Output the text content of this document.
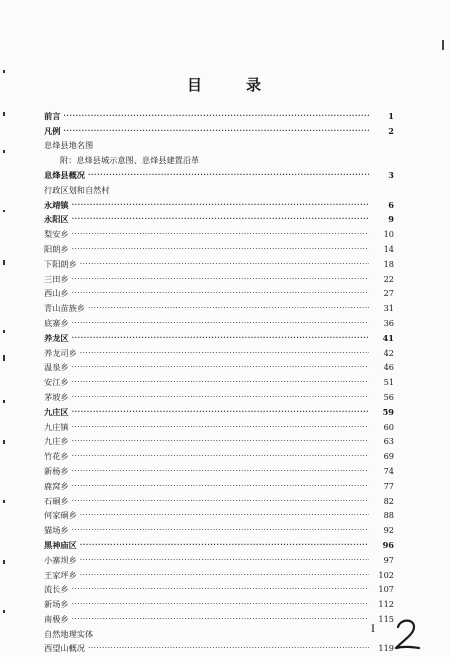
目	录
前言 ·····	1
凡例 ·····	2
息烽县地名图
附：息烽县城示意图、息烽县建置沿革
息烽县概况 ·····	3
行政区划和自然村
永靖镇 ·····	6
永阳区 ·····	9
梨安乡 ·····	10
阳朗乡 ·····	14
下阳朗乡 ·····	18
三田乡 ·····	22
西山乡 ·····	27
青山苗族乡 ·····	31
底寨乡 ·····	36
养龙区 ·····	41
养龙司乡 ·····	42
温泉乡 ·····	46
安江乡 ·····	51
茅坡乡 ·····	56
九庄区 ·····	59
九庄镇 ·····	60
九庄乡 ·····	63
竹花乡 ·····	69
新杨乡 ·····	74
鹿窝乡 ·····	77
石硐乡 ·····	82
何家硐乡 ·····	88
猫场乡 ·····	92
黑神庙区 ·····	96
小寨坝乡 ·····	97
王家坪乡 ·····	102
流长乡 ·····	107
新场乡 ·····	112
南极乡 ·····	115
自然地理实体
西望山概况 ·····	119
I
